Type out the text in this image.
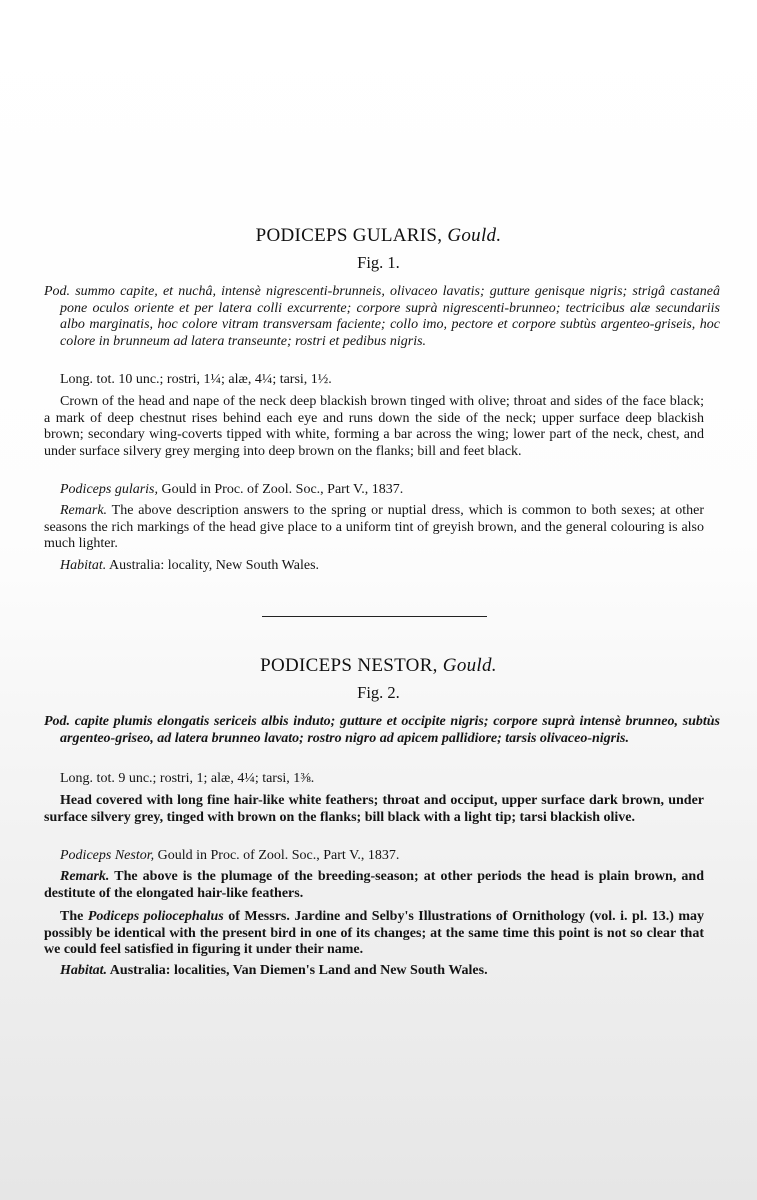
PODICEPS GULARIS, Gould.
Fig. 1.

Pod. summo capite, et nuchâ, intensè nigrescenti-brunneis, olivaceo lavatis; gutture genisque nigris; strigâ castaneâ pone oculos oriente et per latera colli excurrente; corpore suprà nigrescenti-brunneo; tectricibus alæ secundariis albo marginatis, hoc colore vitram transversam faciente; collo imo, pectore et corpore subtùs argenteo-griseis, hoc colore in brunneum ad latera transeunte; rostri et pedibus nigris.

Long. tot. 10 unc.; rostri, 1¼; alæ, 4¼; tarsi, 1½.

Crown of the head and nape of the neck deep blackish brown tinged with olive; throat and sides of the face black; a mark of deep chestnut rises behind each eye and runs down the side of the neck; upper surface deep blackish brown; secondary wing-coverts tipped with white, forming a bar across the wing; lower part of the neck, chest, and under surface silvery grey merging into deep brown on the flanks; bill and feet black.

Podiceps gularis, Gould in Proc. of Zool. Soc., Part V., 1837.

Remark. The above description answers to the spring or nuptial dress, which is common to both sexes; at other seasons the rich markings of the head give place to a uniform tint of greyish brown, and the general colouring is also much lighter.

Habitat. Australia: locality, New South Wales.

PODICEPS NESTOR, Gould.
Fig. 2.

Pod. capite plumis elongatis sericeis albis induto; gutture et occipite nigris; corpore suprà intensè brunneo, subtùs argenteo-griseo, ad latera brunneo lavato; rostro nigro ad apicem pallidiore; tarsis olivaceo-nigris.

Long. tot. 9 unc.; rostri, 1; alæ, 4¼; tarsi, 1⅜.

Head covered with long fine hair-like white feathers; throat and occiput, upper surface dark brown, under surface silvery grey, tinged with brown on the flanks; bill black with a light tip; tarsi blackish olive.

Podiceps Nestor, Gould in Proc. of Zool. Soc., Part V., 1837.

Remark. The above is the plumage of the breeding-season; at other periods the head is plain brown, and destitute of the elongated hair-like feathers.

The Podiceps poliocephalus of Messrs. Jardine and Selby's Illustrations of Ornithology (vol. i. pl. 13.) may possibly be identical with the present bird in one of its changes; at the same time this point is not so clear that we could feel satisfied in figuring it under their name.

Habitat. Australia: localities, Van Diemen's Land and New South Wales.
